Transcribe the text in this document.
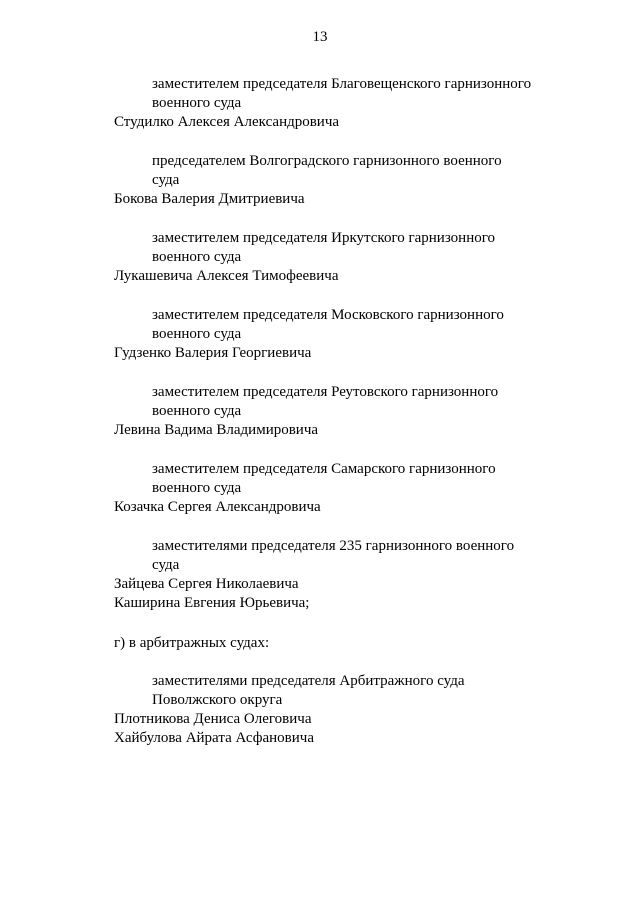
13
заместителем председателя Благовещенского гарнизонного
военного суда
Студилко Алексея Александровича
председателем Волгоградского гарнизонного военного
суда
Бокова Валерия Дмитриевича
заместителем председателя Иркутского гарнизонного
военного суда
Лукашевича Алексея Тимофеевича
заместителем председателя Московского гарнизонного
военного суда
Гудзенко Валерия Георгиевича
заместителем председателя Реутовского гарнизонного
военного суда
Левина Вадима Владимировича
заместителем председателя Самарского гарнизонного
военного суда
Козачка Сергея Александровича
заместителями председателя 235 гарнизонного военного
суда
Зайцева Сергея Николаевича
Каширина Евгения Юрьевича;
г) в арбитражных судах:
заместителями председателя Арбитражного суда
Поволжского округа
Плотникова Дениса Олеговича
Хайбулова Айрата Асфановича
